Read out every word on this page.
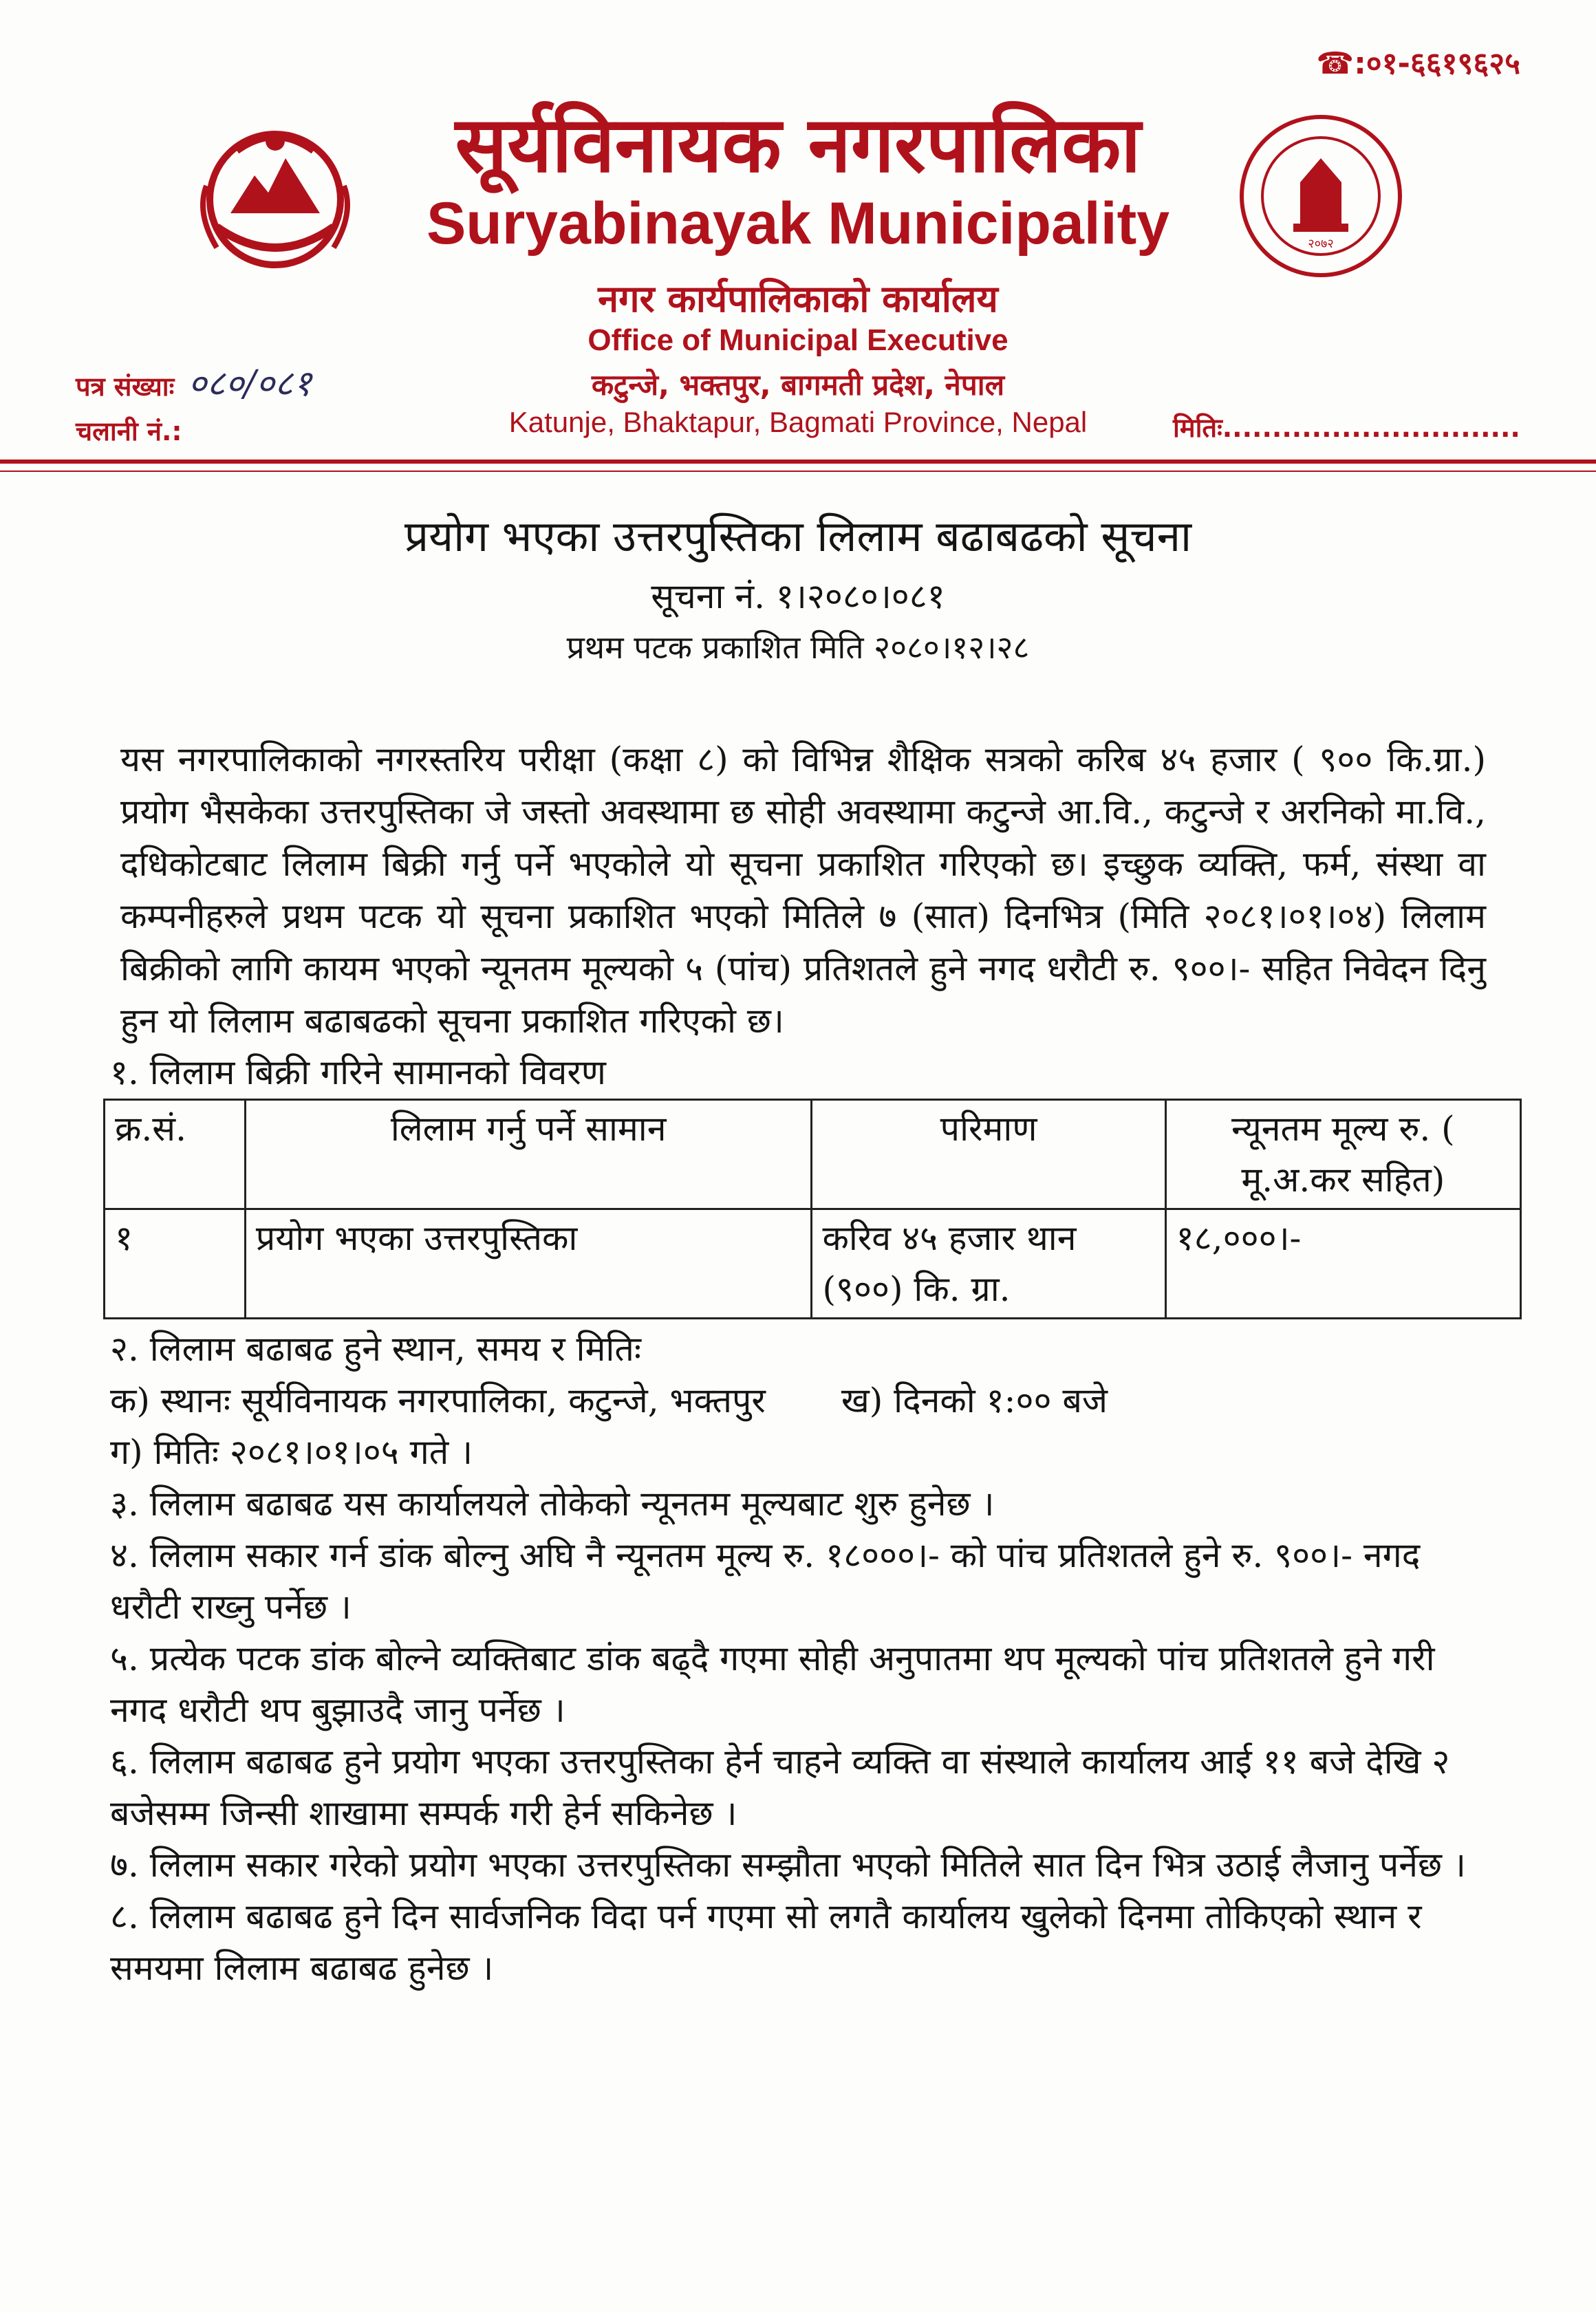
☎:०१-६६१९६२५
२०७२
सूर्यविनायक नगरपालिका
Suryabinayak Municipality
नगर कार्यपालिकाको कार्यालय
Office of Municipal Executive
कटुन्जे, भक्तपुर, बागमती प्रदेश, नेपाल
Katunje, Bhaktapur, Bagmati Province, Nepal
पत्र संख्याः ०८०/०८१
चलानी नं.:	मितिः..............................

प्रयोग भएका उत्तरपुस्तिका लिलाम बढाबढको सूचना

सूचना नं. १।२०८०।०८१

प्रथम पटक प्रकाशित मिति २०८०।१२।२८

यस नगरपालिकाको नगरस्तरिय परीक्षा (कक्षा ८) को विभिन्न शैक्षिक सत्रको करिब ४५ हजार ( ९०० कि.ग्रा.) प्रयोग भैसकेका उत्तरपुस्तिका जे जस्तो अवस्थामा छ सोही अवस्थामा कटुन्जे आ.वि., कटुन्जे र अरनिको मा.वि., दधिकोटबाट लिलाम बिक्री गर्नु पर्ने भएकोले यो सूचना प्रकाशित गरिएको छ। इच्छुक व्यक्ति, फर्म, संस्था वा कम्पनीहरुले प्रथम पटक यो सूचना प्रकाशित भएको मितिले ७ (सात) दिनभित्र (मिति २०८१।०१।०४) लिलाम बिक्रीको लागि कायम भएको न्यूनतम मूल्यको ५ (पांच) प्रतिशतले हुने नगद धरौटी रु. ९००।- सहित निवेदन दिनु हुन यो लिलाम बढाबढको सूचना प्रकाशित गरिएको छ।
१. लिलाम बिक्री गरिने सामानको विवरण
क्र.सं.	लिलाम गर्नु पर्ने सामान	परिमाण	न्यूनतम मूल्य रु. ( मू.अ.कर सहित)
१	प्रयोग भएका उत्तरपुस्तिका	करिव ४५ हजार थान (९००) कि. ग्रा.	१८,०००।-
२. लिलाम बढाबढ हुने स्थान, समय र मितिः
क) स्थानः सूर्यविनायक नगरपालिका, कटुन्जे, भक्तपुर ख) दिनको १:०० बजे
ग) मितिः २०८१।०१।०५ गते ।
३. लिलाम बढाबढ यस कार्यालयले तोकेको न्यूनतम मूल्यबाट शुरु हुनेछ ।
४. लिलाम सकार गर्न डांक बोल्नु अघि नै न्यूनतम मूल्य रु. १८०००।- को पांच प्रतिशतले हुने रु. ९००।- नगद धरौटी राख्नु पर्नेछ ।
५. प्रत्येक पटक डांक बोल्ने व्यक्तिबाट डांक बढ्दै गएमा सोही अनुपातमा थप मूल्यको पांच प्रतिशतले हुने गरी नगद धरौटी थप बुझाउदै जानु पर्नेछ ।
६. लिलाम बढाबढ हुने प्रयोग भएका उत्तरपुस्तिका हेर्न चाहने व्यक्ति वा संस्थाले कार्यालय आई ११ बजे देखि २ बजेसम्म जिन्सी शाखामा सम्पर्क गरी हेर्न सकिनेछ ।
७. लिलाम सकार गरेको प्रयोग भएका उत्तरपुस्तिका सम्झौता भएको मितिले सात दिन भित्र उठाई लैजानु पर्नेछ ।
८. लिलाम बढाबढ हुने दिन सार्वजनिक विदा पर्न गएमा सो लगतै कार्यालय खुलेको दिनमा तोकिएको स्थान र समयमा लिलाम बढाबढ हुनेछ ।
